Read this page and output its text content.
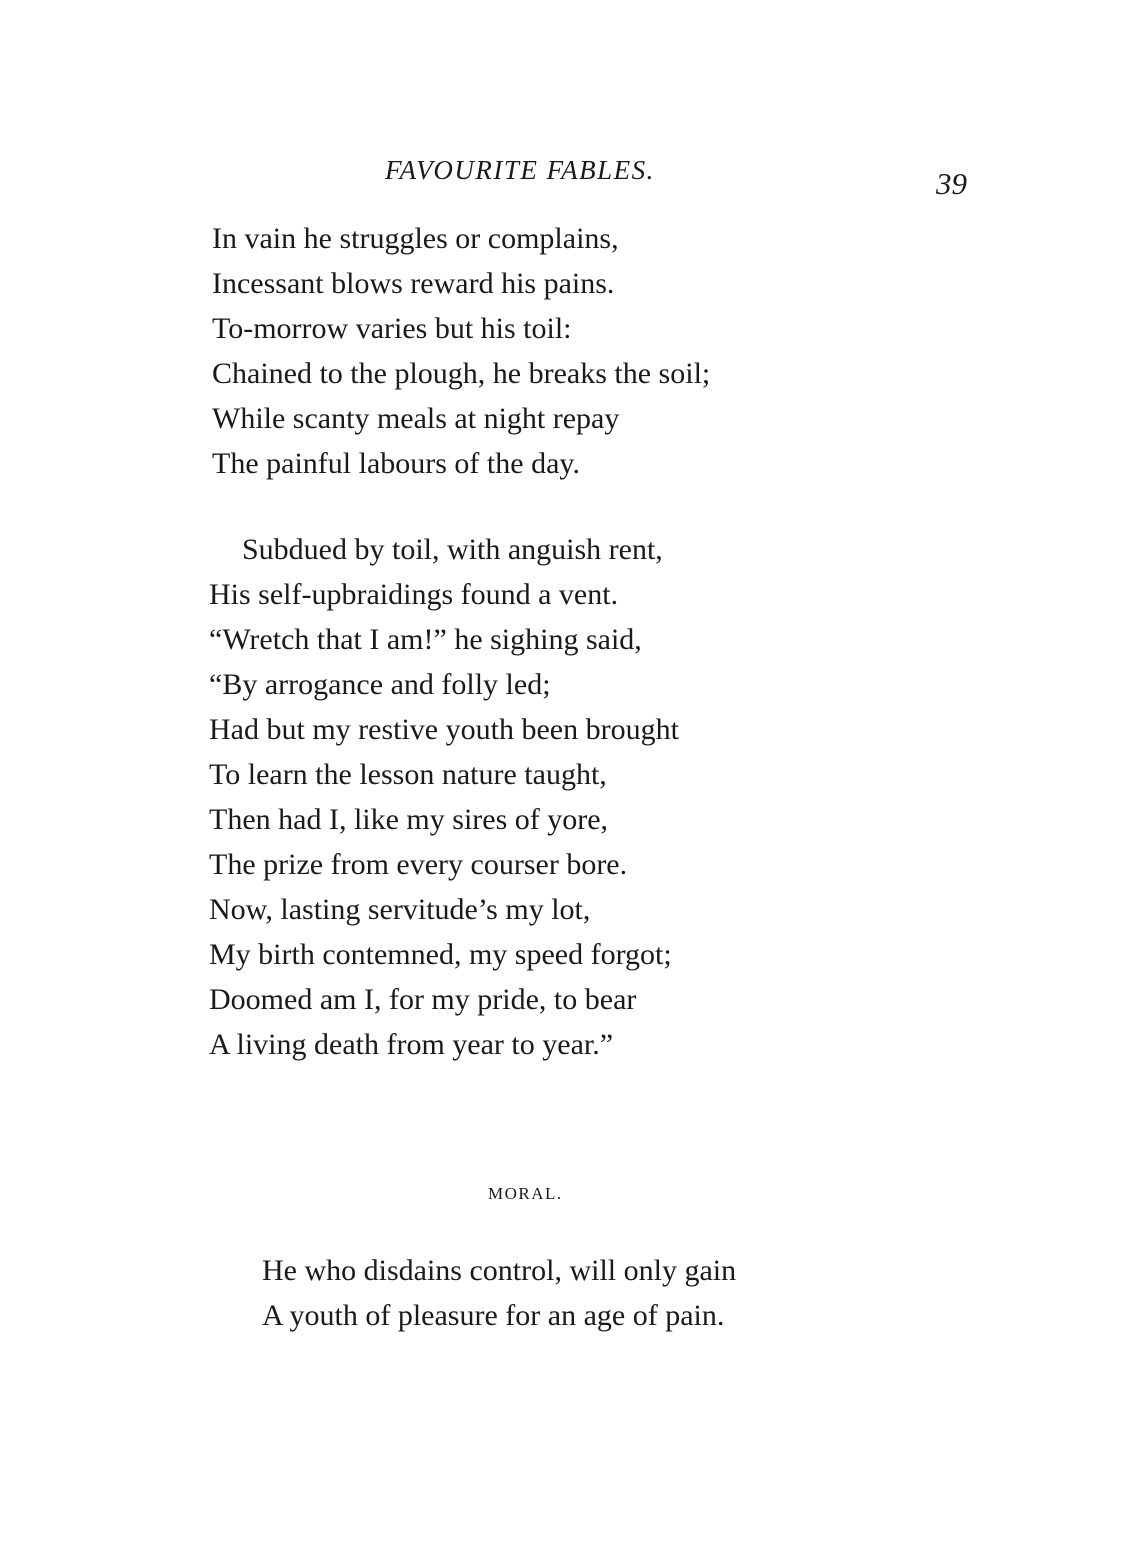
FAVOURITE FABLES.	39
In vain he struggles or complains,
Incessant blows reward his pains.
To-morrow varies but his toil:
Chained to the plough, he breaks the soil;
While scanty meals at night repay
The painful labours of the day.
Subdued by toil, with anguish rent,
His self-upbraidings found a vent.
“Wretch that I am!” he sighing said,
“By arrogance and folly led;
Had but my restive youth been brought
To learn the lesson nature taught,
Then had I, like my sires of yore,
The prize from every courser bore.
Now, lasting servitude’s my lot,
My birth contemned, my speed forgot;
Doomed am I, for my pride, to bear
A living death from year to year.”
MORAL.
He who disdains control, will only gain
A youth of pleasure for an age of pain.
